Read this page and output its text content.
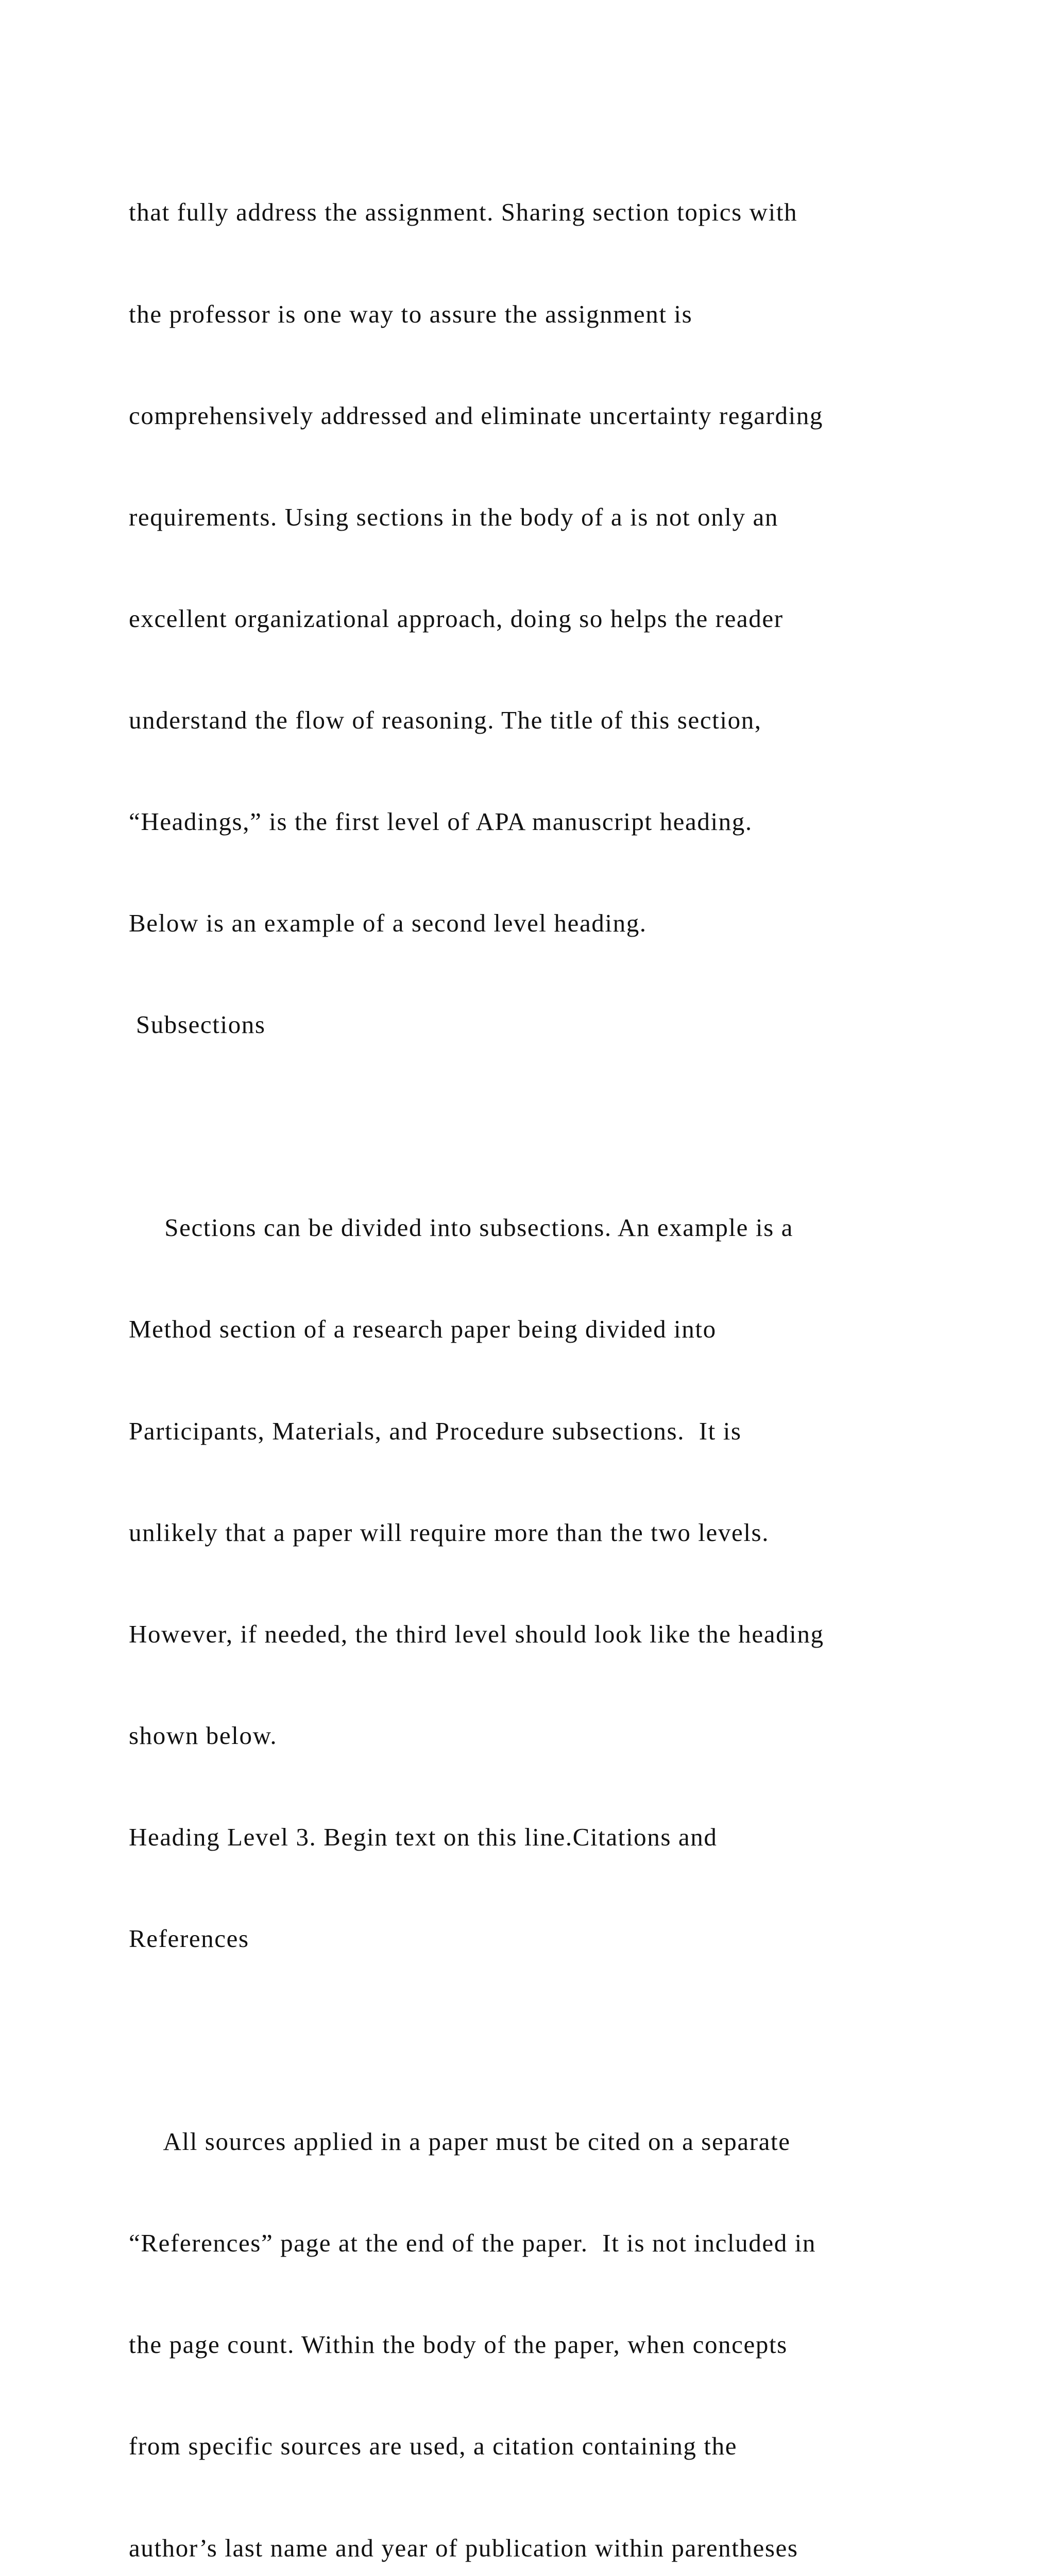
that fully address the assignment. Sharing section topics with

the professor is one way to assure the assignment is

comprehensively addressed and eliminate uncertainty regarding

requirements. Using sections in the body of a is not only an

excellent organizational approach, doing so helps the reader

understand the flow of reasoning. The title of this section,

“Headings,” is the first level of APA manuscript heading.

Below is an example of a second level heading.

Subsections

Sections can be divided into subsections. An example is a

Method section of a research paper being divided into

Participants, Materials, and Procedure subsections.  It is

unlikely that a paper will require more than the two levels.

However, if needed, the third level should look like the heading

shown below.

Heading Level 3. Begin text on this line.Citations and

References

All sources applied in a paper must be cited on a separate

“References” page at the end of the paper.  It is not included in

the page count. Within the body of the paper, when concepts

from specific sources are used, a citation containing the

author’s last name and year of publication within parentheses
